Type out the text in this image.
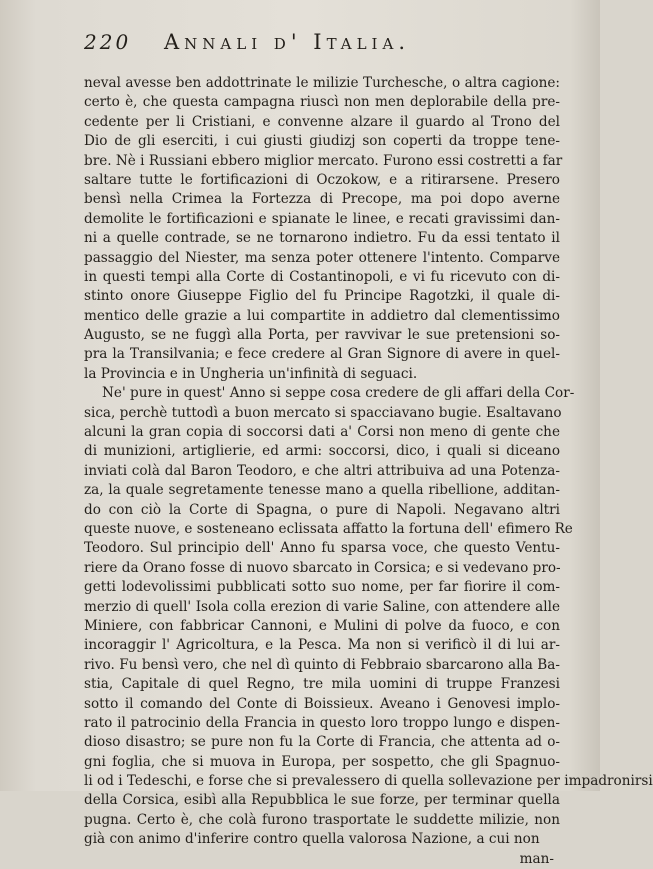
220	Annali d' Italia.
neval avesse ben addottrinate le milizie Turchesche, o altra cagione:
certo è, che questa campagna riuscì non men deplorabile della pre-
cedente per li Cristiani, e convenne alzare il guardo al Trono del
Dio de gli eserciti, i cui giusti giudizj son coperti da troppe tene-
bre. Nè i Russiani ebbero miglior mercato. Furono essi costretti a far
saltare tutte le fortificazioni di Oczokow, e a ritirarsene. Presero
bensì nella Crimea la Fortezza di Precope, ma poi dopo averne
demolite le fortificazioni e spianate le linee, e recati gravissimi dan-
ni a quelle contrade, se ne tornarono indietro. Fu da essi tentato il
passaggio del Niester, ma senza poter ottenere l'intento. Comparve
in questi tempi alla Corte di Costantinopoli, e vi fu ricevuto con di-
stinto onore Giuseppe Figlio del fu Principe Ragotzki, il quale di-
mentico delle grazie a lui compartite in addietro dal clementissimo
Augusto, se ne fuggì alla Porta, per ravvivar le sue pretensioni so-
pra la Transilvania; e fece credere al Gran Signore di avere in quel-
la Provincia e in Ungheria un'infinità di seguaci.
Ne' pure in quest' Anno si seppe cosa credere de gli affari della Cor-
sica, perchè tuttodì a buon mercato si spacciavano bugie. Esaltavano
alcuni la gran copia di soccorsi dati a' Corsi non meno di gente che
di munizioni, artiglierie, ed armi: soccorsi, dico, i quali si diceano
inviati colà dal Baron Teodoro, e che altri attribuiva ad una Potenza-
za, la quale segretamente tenesse mano a quella ribellione, additan-
do con ciò la Corte di Spagna, o pure di Napoli. Negavano altri
queste nuove, e sosteneano eclissata affatto la fortuna dell' efimero Re
Teodoro. Sul principio dell' Anno fu sparsa voce, che questo Ventu-
riere da Orano fosse di nuovo sbarcato in Corsica; e si vedevano pro-
getti lodevolissimi pubblicati sotto suo nome, per far fiorire il com-
merzio di quell' Isola colla erezion di varie Saline, con attendere alle
Miniere, con fabbricar Cannoni, e Mulini di polve da fuoco, e con
incoraggir l' Agricoltura, e la Pesca. Ma non si verificò il di lui ar-
rivo. Fu bensì vero, che nel dì quinto di Febbraio sbarcarono alla Ba-
stia, Capitale di quel Regno, tre mila uomini di truppe Franzesi
sotto il comando del Conte di Boissieux. Aveano i Genovesi implo-
rato il patrocinio della Francia in questo loro troppo lungo e dispen-
dioso disastro; se pure non fu la Corte di Francia, che attenta ad o-
gni foglia, che si muova in Europa, per sospetto, che gli Spagnuo-
li od i Tedeschi, e forse che si prevalessero di quella sollevazione per impadronirsi
della Corsica, esibì alla Repubblica le sue forze, per terminar quella
pugna. Certo è, che colà furono trasportate le suddette milizie, non
già con animo d'inferire contro quella valorosa Nazione, a cui non
man-
